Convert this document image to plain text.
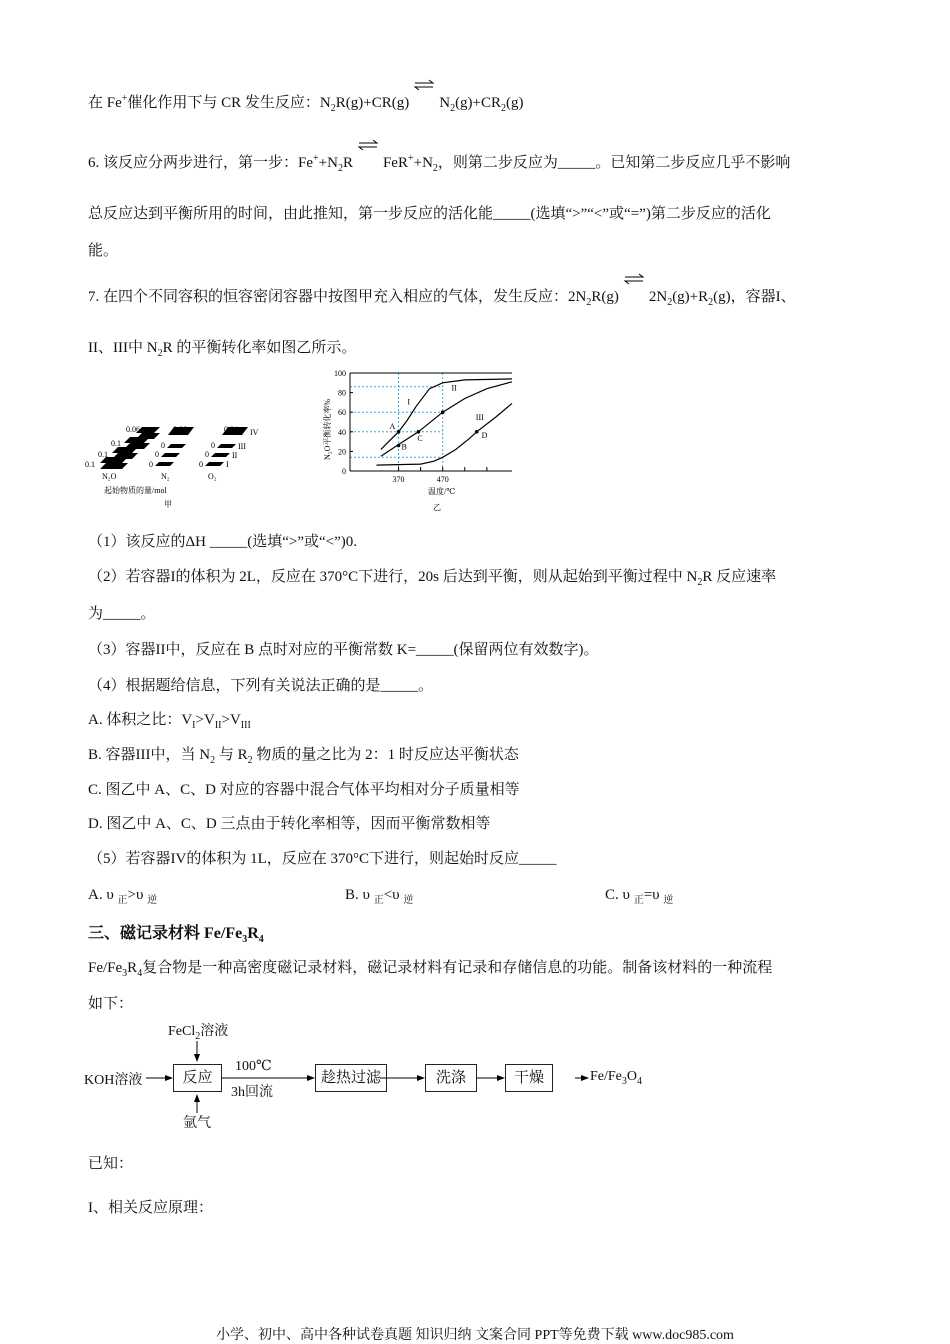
在 Fe+催化作用下与 CR 发生反应：$N_2R(g)+CR(g)\rightleftharpoons N_2(g)+CR_2(g)$
6. 该反应分两步进行，第一步：$Fe^++N_2R\rightleftharpoons FeR^++N_2$，则第二步反应为_____。已知第二步反应几乎不影响
总反应达到平衡所用的时间，由此推知，第一步反应的活化能_____(选填“>”“<”或“=”)第二步反应的活化
能。
7. 在四个不同容积的恒容密闭容器中按图甲充入相应的气体，发生反应：$2N_2R(g)\rightleftharpoons 2N_2(g)+R_2(g)$，容器I、
II、III中 $N_2R$ 的平衡转化率如图乙所示。
0.1
0.1
0.1
0.06	0.06
0
0
0
0.04
0
0
0
IV
III
II
I
N₂O	N₂	O₂
起始物质的量/mol
甲
0
20
40
60
80
100
370	470
I
II
III
A
B
C	D
温度/℃
乙
N₂O平衡转化率%
（1）该反应的ΔH _____(选填“>”或“<”)0.
（2）若容器I的体积为 2L，反应在 370°C下进行，20s 后达到平衡，则从起始到平衡过程中 $N_2R$ 反应速率
为_____。
（3）容器II中，反应在 B 点时对应的平衡常数 K=_____(保留两位有效数字)。
（4）根据题给信息，下列有关说法正确的是_____。
A. 体积之比：$V_I>V_{II}>V_{III}$
B. 容器III中，当 $N_2$ 与 $R_2$ 物质的量之比为 2：1 时反应达平衡状态
C. 图乙中 A、C、D 对应的容器中混合气体平均相对分子质量相等
D. 图乙中 A、C、D 三点由于转化率相等，因而平衡常数相等
（5）若容器IV的体积为 1L，反应在 370°C下进行，则起始时反应_____
A. υ $_正$>υ $_逆$	B. υ $_正$<υ $_逆$	C. υ $_正$=υ $_逆$
三、磁记录材料 $Fe/Fe_3R_4$
$Fe/Fe_3R_4$复合物是一种高密度磁记录材料，磁记录材料有记录和存储信息的功能。制备该材料的一种流程
如下：
KOH溶液
FeCl$_2$溶液
氩气
反应
100℃
3h回流
趁热过滤	洗涤	干燥	$Fe/Fe_3O_4$
已知：
I、相关反应原理：
小学、初中、高中各种试卷真题 知识归纳 文案合同 PPT等免费下载 www.doc985.com
